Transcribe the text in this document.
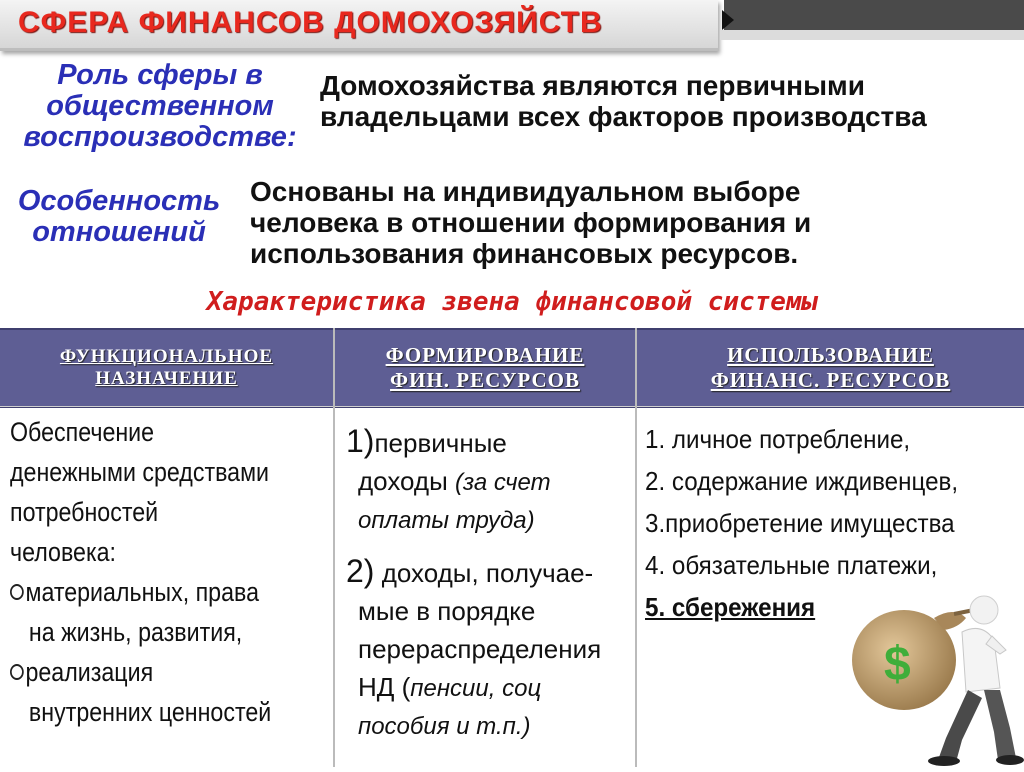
СФЕРА ФИНАНСОВ ДОМОХОЗЯЙСТВ
Роль сферы в
общественном
воспроизводстве:
Домохозяйства являются первичными
владельцами всех факторов производства
Особенность
отношений
Основаны на индивидуальном выборе
человека в отношении формирования и
использования финансовых ресурсов.
Характеристика звена финансовой системы
ФУНКЦИОНАЛЬНОЕ
НАЗНАЧЕНИЕ
ФОРМИРОВАНИЕ
ФИН. РЕСУРСОВ
ИСПОЛЬЗОВАНИЕ
ФИНАНС. РЕСУРСОВ
Обеспечение
денежными средствами
потребностей
человека:
материальных, права
на жизнь, развития,
реализация
внутренних ценностей
1)первичные
доходы (за счет
оплаты труда)
2) доходы, получае-
мые в порядке
перераспределения
НД (пенсии, соц
пособия и т.п.)
1. личное потребление,
2. содержание иждивенцев,
3.приобретение имущества
4. обязательные платежи,
5. сбережения
$
